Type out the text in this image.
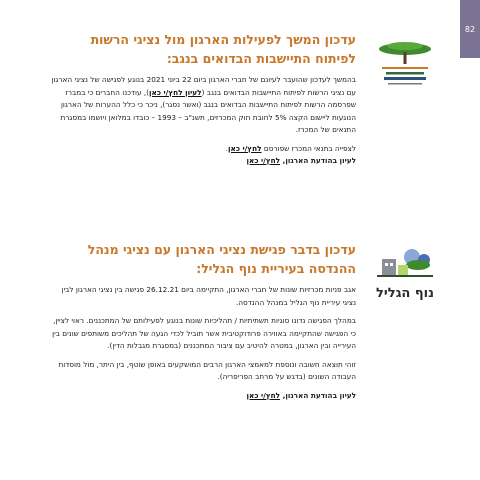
82
עדכון המשך לפעילות הארגון מול נציגי הרשות לפיתוח התיישבות הבדואים בנגב:

בהמשך לעדכון שהועבר לעיונם של חברי הארגון ביום 22 ביוני 2021 בנוגע לפגישה של נציגי הארגון עם נציגי הרשות לפיתוח התיישבות הבדואים בנגב (לעיון לחץ/י כאן), עודכנו החברים כי במברז שפרסמה הרשות לפיתוח התיישבות הבדואים בנגב (ואשר נסגר), ניכר כי כלל ההערות של הארגון הנוגעות ליישום הקצה 5% לחובת חוק המכרזים, תשנ"ב – 1993 – כובדו במלואן ויושמו במסגרת התנאים של המכרז.

לצפייה בתנאי המכרז שפורסם לחץ/י כאן.
לעיון בהודעת הארגון, לחץ/י כאן

נוף הגליל
עדכון בדבר פגישת נציגי הארגון עם נציגי מנהל ההנדסה בעיריית נוף הגליל:

אגב פניות מכרזיות שונות של חברי הארגון, התקיימה ביום 26.12.21 פגישה בין נציגי הארגון לבין נציגי עיריית נוף הגליל במנהל ההנדסה.

במהלך הפגישה נדונו סוגיות תשתיתיות / תהליכיות שונות בנוגע לפעילותם של המתכננים. ראוי לציין, כי הפגישה שהתקיימה באווירה פרודוקטיבית אשר תוביל לכדי הגעה של תהליכים משותפים שונים בין העירייה ובין הארגון, במטרה להיטיב עם ציבור המתכננים (במסגרת מגבלות הדין).

זוהי תוצאה חשובה ונוספת למאמצי הארגון הרבים המושקעים באופן שוטף, בין היתר, מול מוסדות העבודה השונים (בדגש על מרחב הפריפריה).

לעיון בהודעת הארגון, לחץ/י כאן
